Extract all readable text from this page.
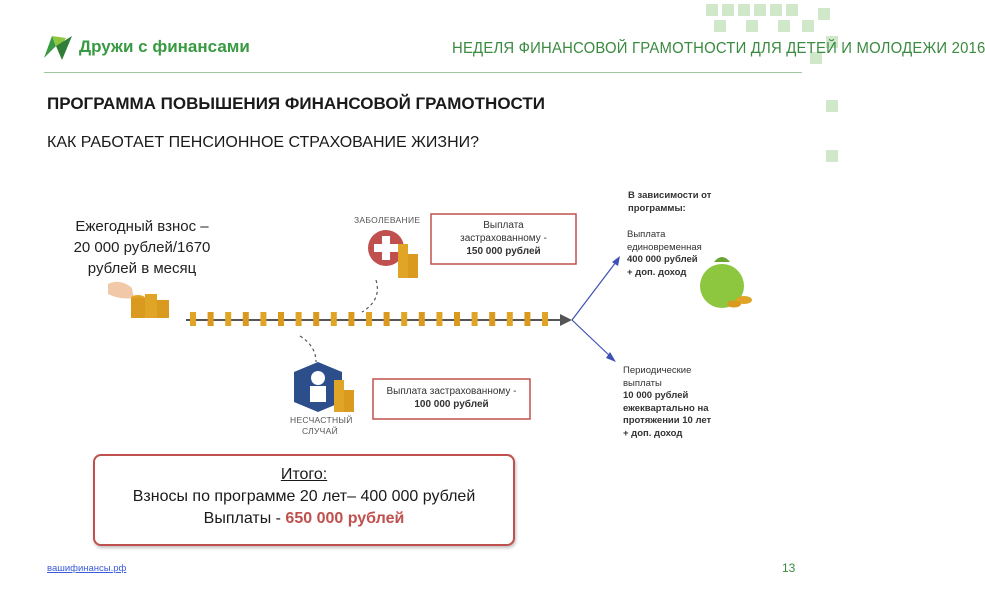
Дружи с финансами	НЕДЕЛЯ ФИНАНСОВОЙ ГРАМОТНОСТИ ДЛЯ ДЕТЕЙ И МОЛОДЕЖИ 2016
ПРОГРАММА ПОВЫШЕНИЯ ФИНАНСОВОЙ ГРАМОТНОСТИ
КАК РАБОТАЕТ ПЕНСИОННОЕ СТРАХОВАНИЕ ЖИЗНИ?
Ежегодный взнос –
20 000 рублей/1670
рублей в месяц
ЗАБОЛЕВАНИЕ	Выплата
застрахованному -
150 000 рублей
НЕСЧАСТНЫЙ
СЛУЧАЙ
Выплата застрахованному -
100 000 рублей
В зависимости от
программы:
Выплата
единовременная
400 000 рублей
+ доп. доход
Периодические
выплаты
10 000 рублей
ежеквартально на
протяжении 10 лет
+ доп. доход
Итого:
Взносы по программе 20 лет– 400 000 рублей
Выплаты - 650 000 рублей
вашифинансы.рф	13
